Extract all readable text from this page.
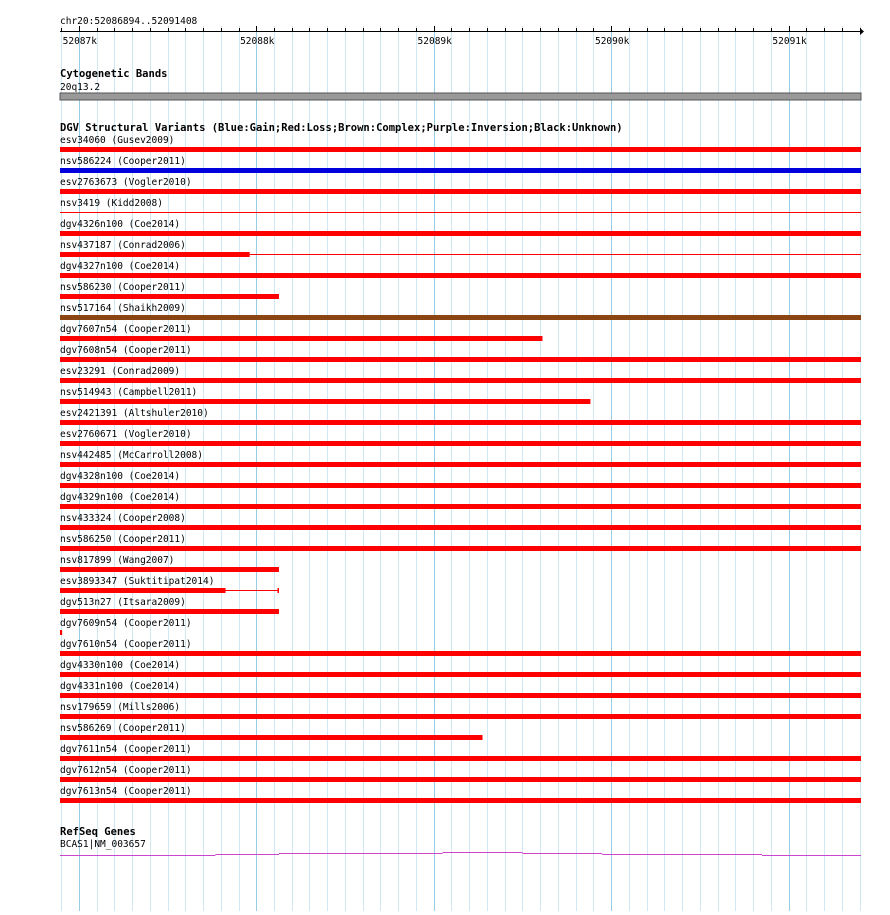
chr20:52086894..52091408
52087k	52088k	52089k	52090k	52091k
Cytogenetic Bands
20q13.2
DGV Structural Variants (Blue:Gain;Red:Loss;Brown:Complex;Purple:Inversion;Black:Unknown)
esv34060 (Gusev2009)
nsv586224 (Cooper2011)
esv2763673 (Vogler2010)
nsv3419 (Kidd2008)
dgv4326n100 (Coe2014)
nsv437187 (Conrad2006)
dgv4327n100 (Coe2014)
nsv586230 (Cooper2011)
nsv517164 (Shaikh2009)
dgv7607n54 (Cooper2011)
dgv7608n54 (Cooper2011)
esv23291 (Conrad2009)
nsv514943 (Campbell2011)
esv2421391 (Altshuler2010)
esv2760671 (Vogler2010)
nsv442485 (McCarroll2008)
dgv4328n100 (Coe2014)
dgv4329n100 (Coe2014)
nsv433324 (Cooper2008)
nsv586250 (Cooper2011)
nsv817899 (Wang2007)
esv3893347 (Suktitipat2014)
dgv513n27 (Itsara2009)
dgv7609n54 (Cooper2011)
dgv7610n54 (Cooper2011)
dgv4330n100 (Coe2014)
dgv4331n100 (Coe2014)
nsv179659 (Mills2006)
nsv586269 (Cooper2011)
dgv7611n54 (Cooper2011)
dgv7612n54 (Cooper2011)
dgv7613n54 (Cooper2011)
RefSeq Genes
BCAS1|NM_003657
